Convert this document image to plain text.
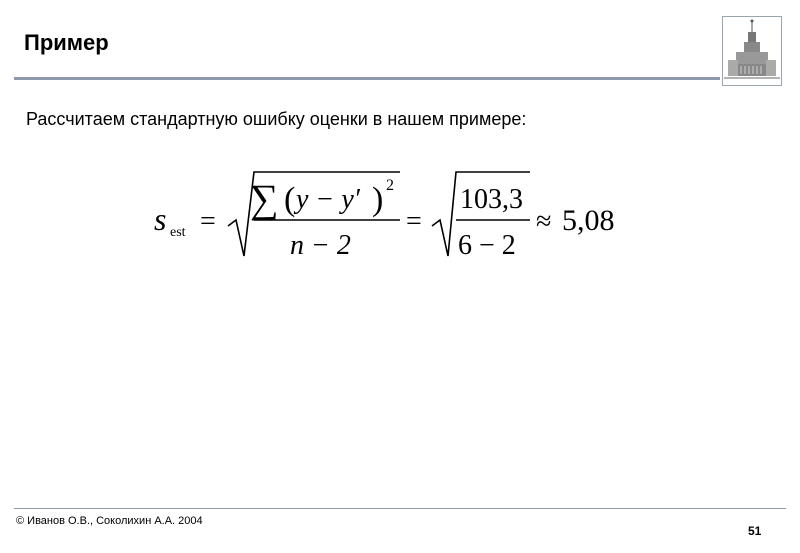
Пример
Рассчитаем стандартную ошибку оценки в нашем примере:
s est =
∑ ( y − y′ ) 2
n − 2
=
103,3
6 − 2
≈ 5,08
© Иванов О.В., Соколихин А.А. 2004
51
